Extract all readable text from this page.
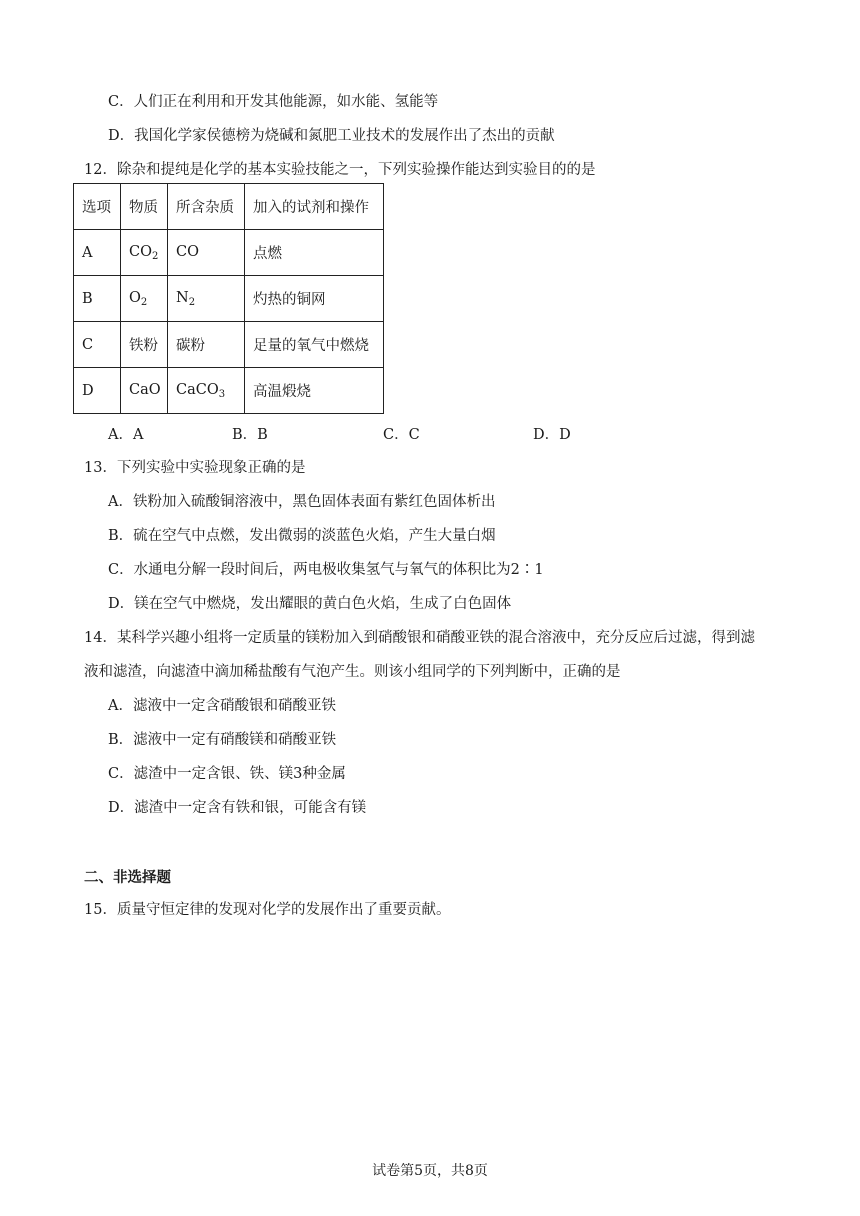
C．人们正在利用和开发其他能源，如水能、氢能等
D．我国化学家侯德榜为烧碱和氮肥工业技术的发展作出了杰出的贡献
12．除杂和提纯是化学的基本实验技能之一，下列实验操作能达到实验目的的是
选项	物质	所含杂质	加入的试剂和操作
A	$CO_2$	CO	点燃
B	$O_2$	$N_2$	灼热的铜网
C	铁粉	碳粉	足量的氧气中燃烧
D	CaO	CaCO$_3$	高温煅烧
A．A	B．B	C．C	D．D
13．下列实验中实验现象正确的是
A．铁粉加入硫酸铜溶液中，黑色固体表面有紫红色固体析出
B．硫在空气中点燃，发出微弱的淡蓝色火焰，产生大量白烟
C．水通电分解一段时间后，两电极收集氢气与氧气的体积比为2∶1
D．镁在空气中燃烧，发出耀眼的黄白色火焰，生成了白色固体
14．某科学兴趣小组将一定质量的镁粉加入到硝酸银和硝酸亚铁的混合溶液中，充分反应后过滤，得到滤
液和滤渣，向滤渣中滴加稀盐酸有气泡产生。则该小组同学的下列判断中，正确的是
A．滤液中一定含硝酸银和硝酸亚铁
B．滤液中一定有硝酸镁和硝酸亚铁
C．滤渣中一定含银、铁、镁3种金属
D．滤渣中一定含有铁和银，可能含有镁
二、非选择题
15．质量守恒定律的发现对化学的发展作出了重要贡献。
试卷第5页，共8页
